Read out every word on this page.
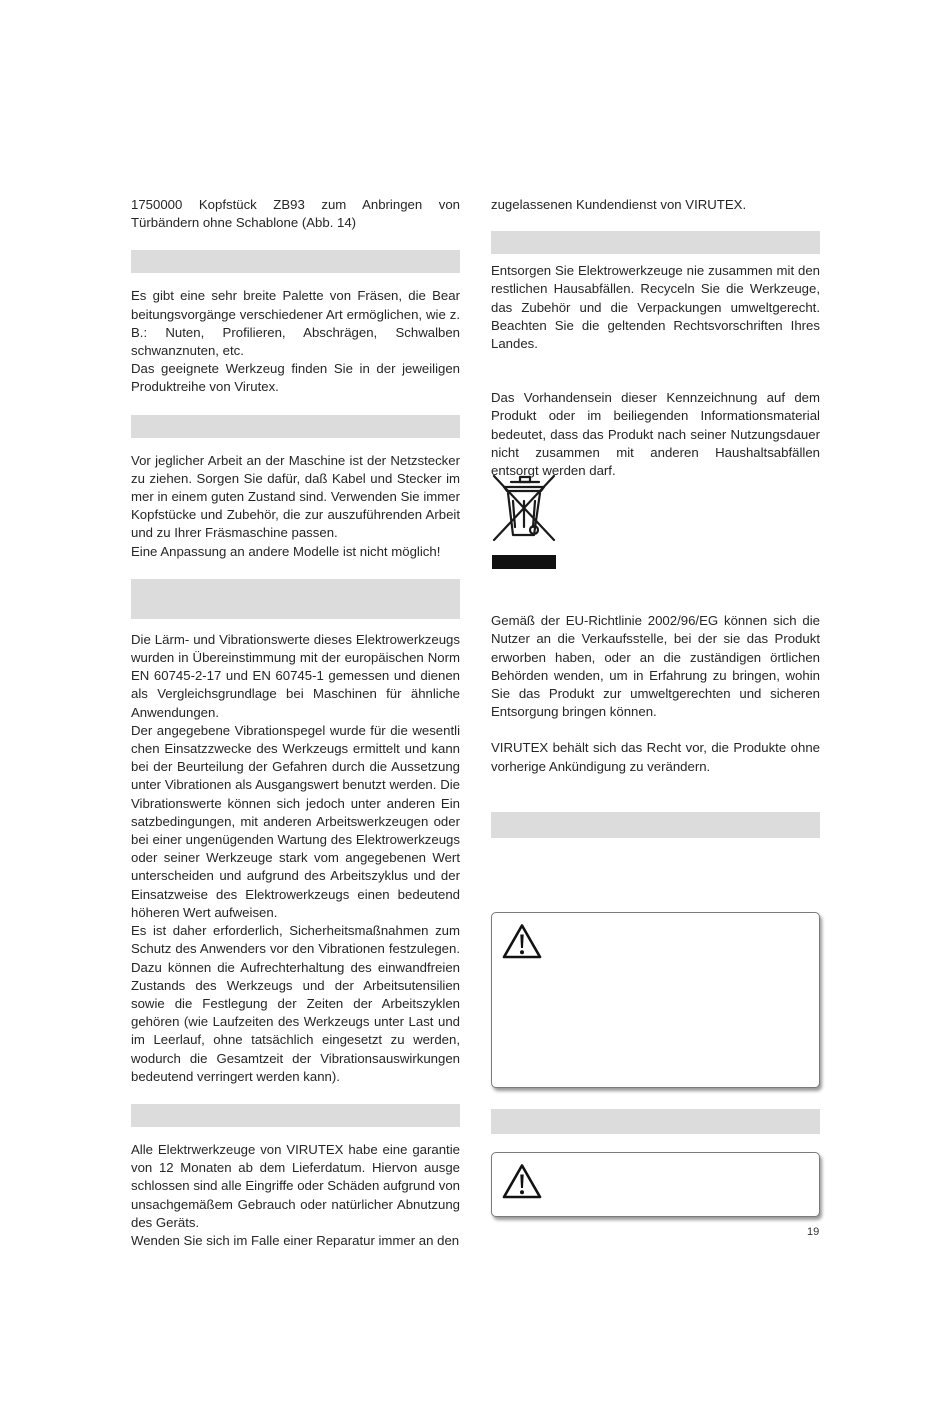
1750000 Kopfstück ZB93 zum Anbringen von Türbändern ohne Schablone (Abb. 14)

Es gibt eine sehr breite Palette von Fräsen, die Bear beitungsvorgänge verschiedener Art ermöglichen, wie z. B.: Nuten, Profilieren, Abschrägen, Schwalben schwanznuten, etc.

Das geeignete Werkzeug finden Sie in der jeweiligen Produktreihe von Virutex.

Vor jeglicher Arbeit an der Maschine ist der Netzstecker zu ziehen. Sorgen Sie dafür, daß Kabel und Stecker im mer in einem guten Zustand sind. Verwenden Sie immer Kopfstücke und Zubehör, die zur auszuführenden Arbeit und zu Ihrer Fräsmaschine passen.

Eine Anpassung an andere Modelle ist nicht möglich!

Die Lärm- und Vibrationswerte dieses Elektrowerkzeugs wurden in Übereinstimmung mit der europäischen Norm EN 60745-2-17 und EN 60745-1 gemessen und dienen als Vergleichsgrundlage bei Maschinen für ähnliche Anwendungen.

Der angegebene Vibrationspegel wurde für die wesentli chen Einsatzzwecke des Werkzeugs ermittelt und kann bei der Beurteilung der Gefahren durch die Aussetzung unter Vibrationen als Ausgangswert benutzt werden. Die Vibrationswerte können sich jedoch unter anderen Ein satzbedingungen, mit anderen Arbeitswerkzeugen oder bei einer ungenügenden Wartung des Elektrowerkzeugs oder seiner Werkzeuge stark vom angegebenen Wert unterscheiden und aufgrund des Arbeitszyklus und der Einsatzweise des Elektrowerkzeugs einen bedeutend höheren Wert aufweisen.

Es ist daher erforderlich, Sicherheitsmaßnahmen zum Schutz des Anwenders vor den Vibrationen festzulegen. Dazu können die Aufrechterhaltung des einwandfreien Zustands des Werkzeugs und der Arbeitsutensilien sowie die Festlegung der Zeiten der Arbeitszyklen gehören (wie Laufzeiten des Werkzeugs unter Last und im Leerlauf, ohne tatsächlich eingesetzt zu werden, wodurch die Gesamtzeit der Vibrationsauswirkungen bedeutend verringert werden kann).

Alle Elektrwerkzeuge von VIRUTEX habe eine garantie von 12 Monaten ab dem Lieferdatum. Hiervon ausge schlossen sind alle Eingriffe oder Schäden aufgrund von unsachgemäßem Gebrauch oder natürlicher Abnutzung des Geräts.

Wenden Sie sich im Falle einer Reparatur immer an den

zugelassenen Kundendienst von VIRUTEX.

Entsorgen Sie Elektrowerkzeuge nie zusammen mit den restlichen Hausabfällen. Recyceln Sie die Werkzeuge, das Zubehör und die Verpackungen umweltgerecht. Beachten Sie die geltenden Rechtsvorschriften Ihres Landes.

Das Vorhandensein dieser Kennzeichnung auf dem Produkt oder im beiliegenden Informationsmaterial bedeutet, dass das Produkt nach seiner Nutzungsdauer nicht zusammen mit anderen Haushaltsabfällen entsorgt werden darf.

Gemäß der EU-Richtlinie 2002/96/EG können sich die Nutzer an die Verkaufsstelle, bei der sie das Produkt erworben haben, oder an die zuständigen örtlichen Behörden wenden, um in Erfahrung zu bringen, wohin Sie das Produkt zur umweltgerechten und sicheren Entsorgung bringen können.

VIRUTEX behält sich das Recht vor, die Produkte ohne vorherige Ankündigung zu verändern.

19
